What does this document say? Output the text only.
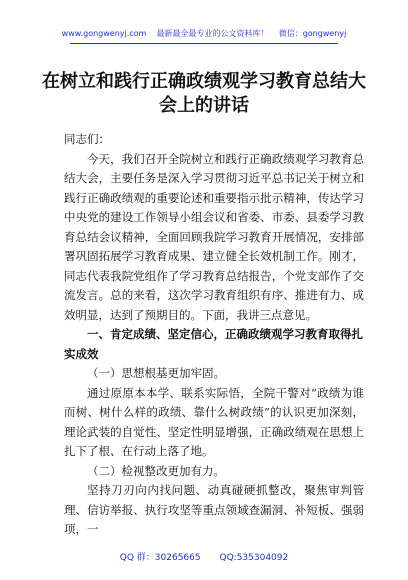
www.gongwenyj.com 最新最全最专业的公文资料库！ 微信：gongwenyj
在树立和践行正确政绩观学习教育总结大会上的讲话

同志们：

今天，我们召开全院树立和践行正确政绩观学习教育总结大会，主要任务是深入学习贯彻习近平总书记关于树立和践行正确政绩观的重要论述和重要指示批示精神，传达学习中央党的建设工作领导小组会议和省委、市委、县委学习教育总结会议精神，全面回顾我院学习教育开展情况，安排部署巩固拓展学习教育成果、建立健全长效机制工作。刚才，同志代表我院党组作了学习教育总结报告，个党支部作了交流发言。总的来看，这次学习教育组织有序、推进有力、成效明显，达到了预期目的。下面，我讲三点意见。

一、肯定成绩、坚定信心，正确政绩观学习教育取得扎实成效

（一）思想根基更加牢固。

通过原原本本学、联系实际悟，全院干警对“政绩为谁而树、树什么样的政绩、靠什么树政绩”的认识更加深刻，理论武装的自觉性、坚定性明显增强，正确政绩观在思想上扎下了根、在行动上落了地。

（二）检视整改更加有力。

坚持刀刃向内找问题、动真碰硬抓整改，聚焦审判管理、信访举报、执行攻坚等重点领域查漏洞、补短板、强弱项，一

QQ 群：30265665 QQ:535304092
